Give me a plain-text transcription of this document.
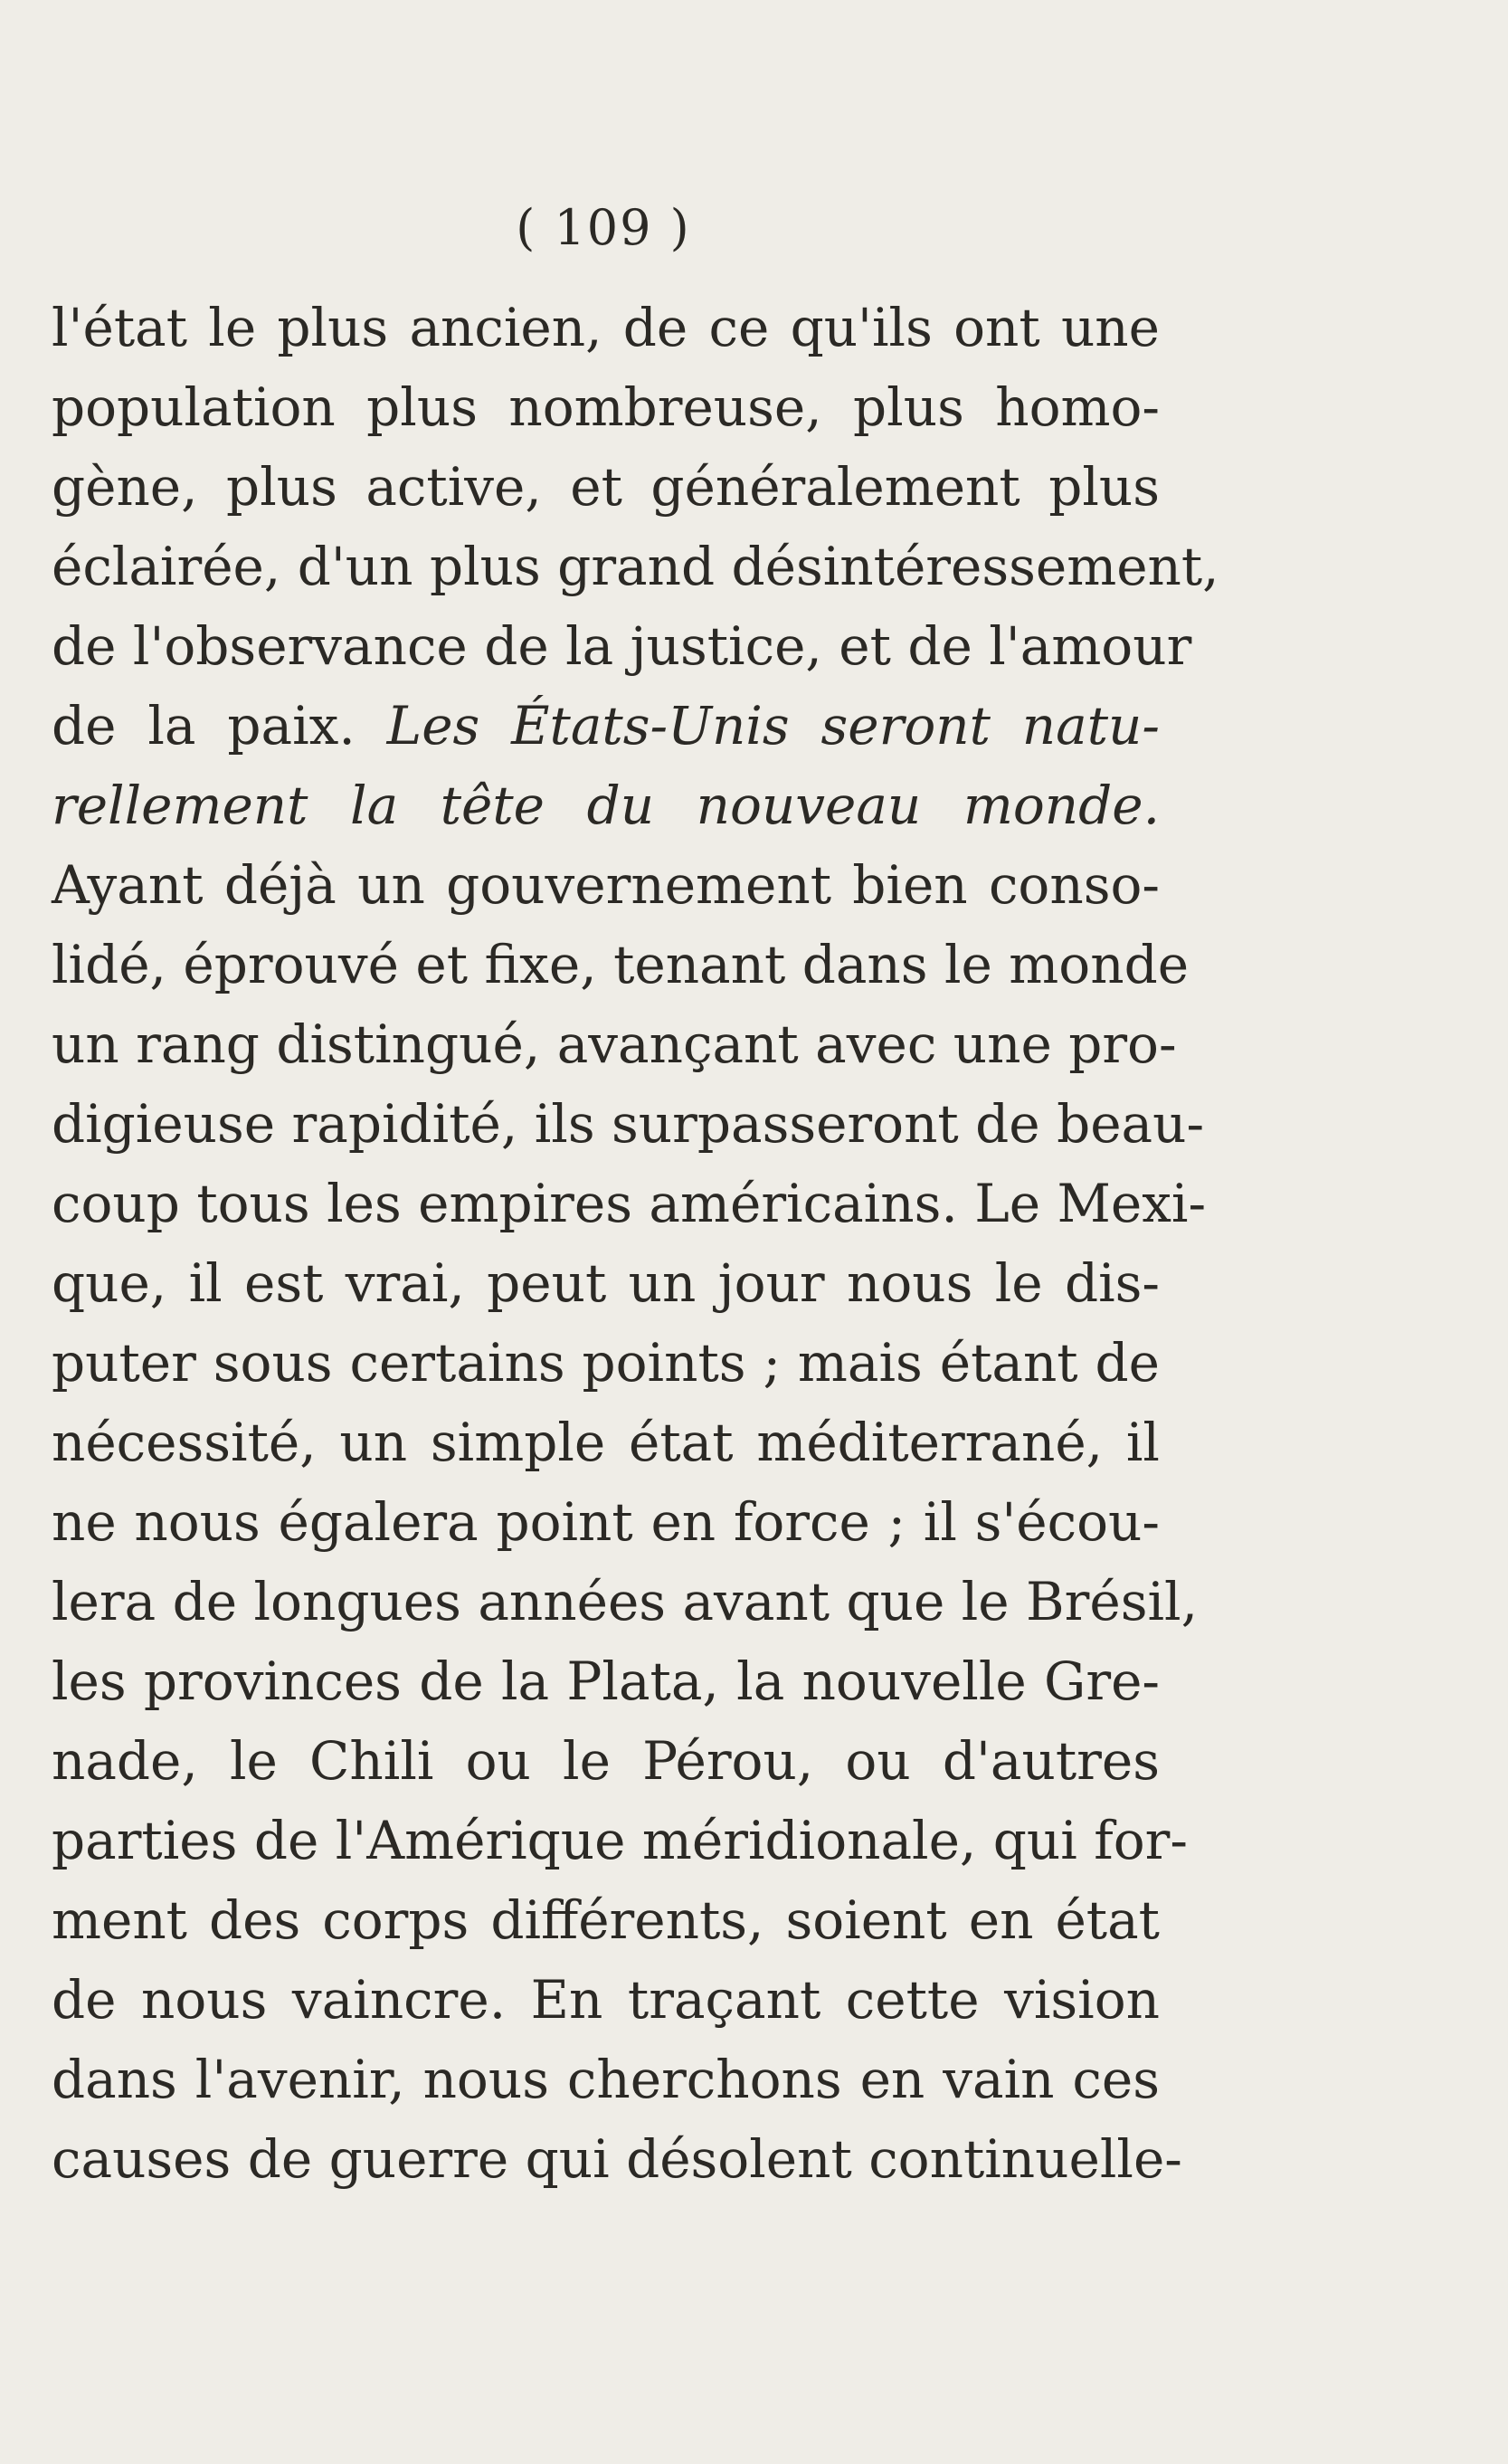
( 109 )
l'état le plus ancien, de ce qu'ils ont une
population plus nombreuse, plus homo-
gène, plus active, et généralement plus
éclairée, d'un plus grand désintéressement,
de l'observance de la justice, et de l'amour
de la paix. Les États-Unis seront natu-
rellement la tête du nouveau monde.
Ayant déjà un gouvernement bien conso-
lidé, éprouvé et fixe, tenant dans le monde
un rang distingué, avançant avec une pro-
digieuse rapidité, ils surpasseront de beau-
coup tous les empires américains. Le Mexi-
que, il est vrai, peut un jour nous le dis-
puter sous certains points ; mais étant de
nécessité, un simple état méditerrané, il
ne nous égalera point en force ; il s'écou-
lera de longues années avant que le Brésil,
les provinces de la Plata, la nouvelle Gre-
nade, le Chili ou le Pérou, ou d'autres
parties de l'Amérique méridionale, qui for-
ment des corps différents, soient en état
de nous vaincre. En traçant cette vision
dans l'avenir, nous cherchons en vain ces
causes de guerre qui désolent continuelle-
